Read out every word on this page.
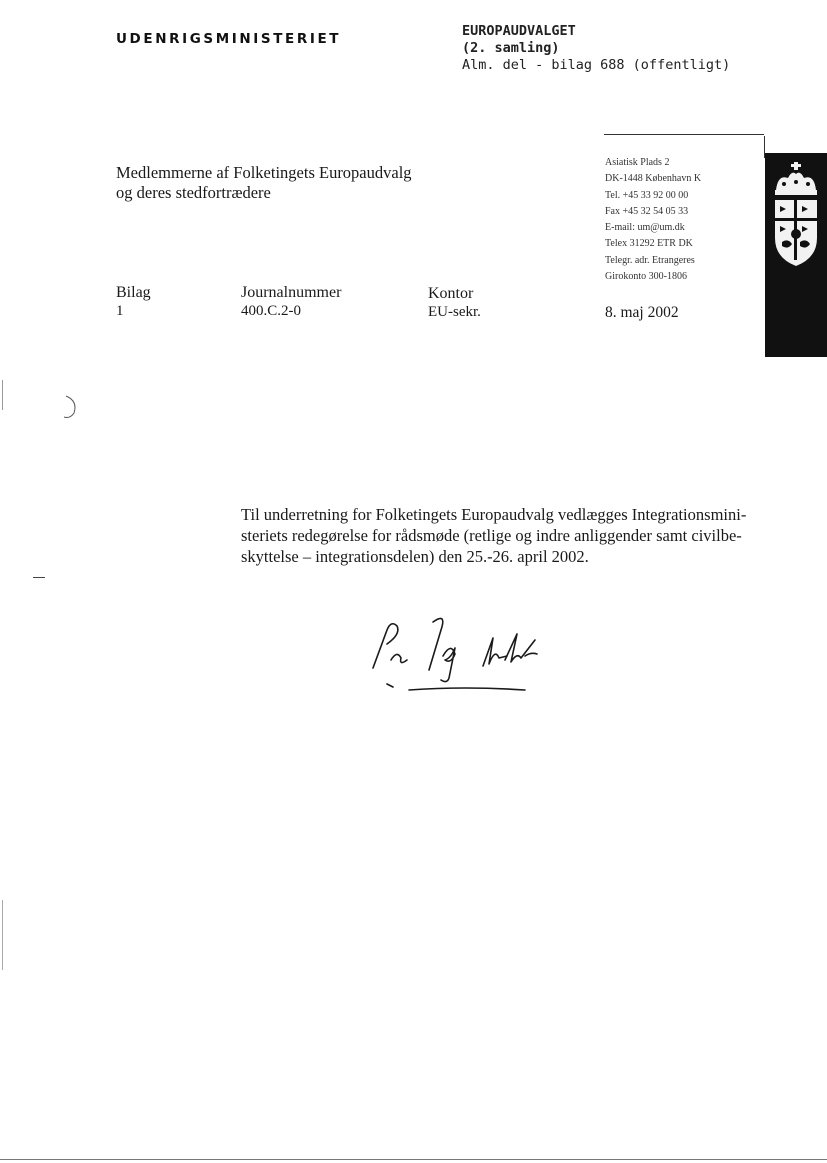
UDENRIGSMINISTERIET	EUROPAUDVALGET
(2. samling)
Alm. del - bilag 688 (offentligt)
Asiatisk Plads 2
DK-1448 København K
Tel. +45 33 92 00 00
Fax +45 32 54 05 33
E-mail: um@um.dk
Telex 31292 ETR DK
Telegr. adr. Etrangeres
Girokonto 300-1806
8. maj 2002
Medlemmerne af Folketingets Europaudvalg
og deres stedfortrædere
Bilag
1
Journalnummer
400.C.2-0
Kontor
EU-sekr.
Til underretning for Folketingets Europaudvalg vedlægges Integrationsmini-
steriets redegørelse for rådsmøde (retlige og indre anliggender samt civilbe-
skyttelse – integrationsdelen) den 25.-26. april 2002.
